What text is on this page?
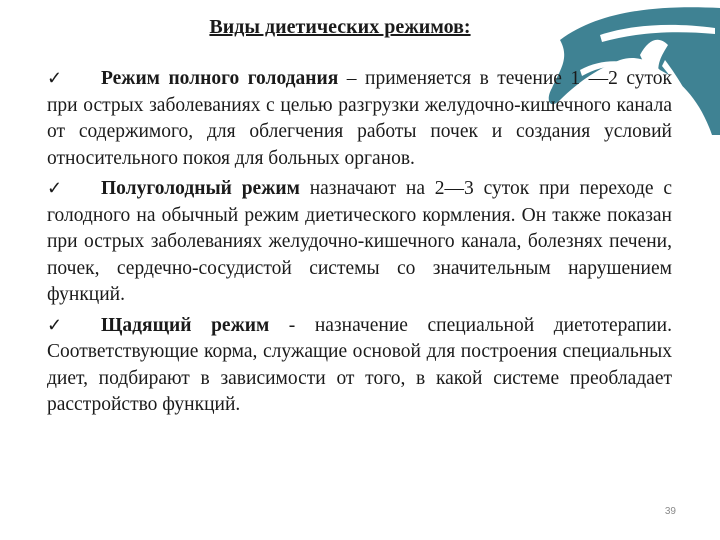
Виды диетических режимов:

✓ Режим полного голодания – применяется в течение 1 —2 суток при острых заболеваниях с целью разгрузки желудочно-кишечного канала от содержимого, для облегчения работы почек и создания условий относительного покоя для больных органов.

✓ Полуголодный режим назначают на 2—3 суток при переходе с голодного на обычный режим диетического кормления. Он также показан при острых заболеваниях желудочно-кишечного канала, болезнях печени, почек, сердечно-сосудистой системы со значительным нарушением функций.

✓ Щадящий режим - назначение специальной диетотерапии. Соответствующие корма, служащие основой для построения специальных диет, подбирают в зависимости от того, в какой системе преобладает расстройство функций.

39
